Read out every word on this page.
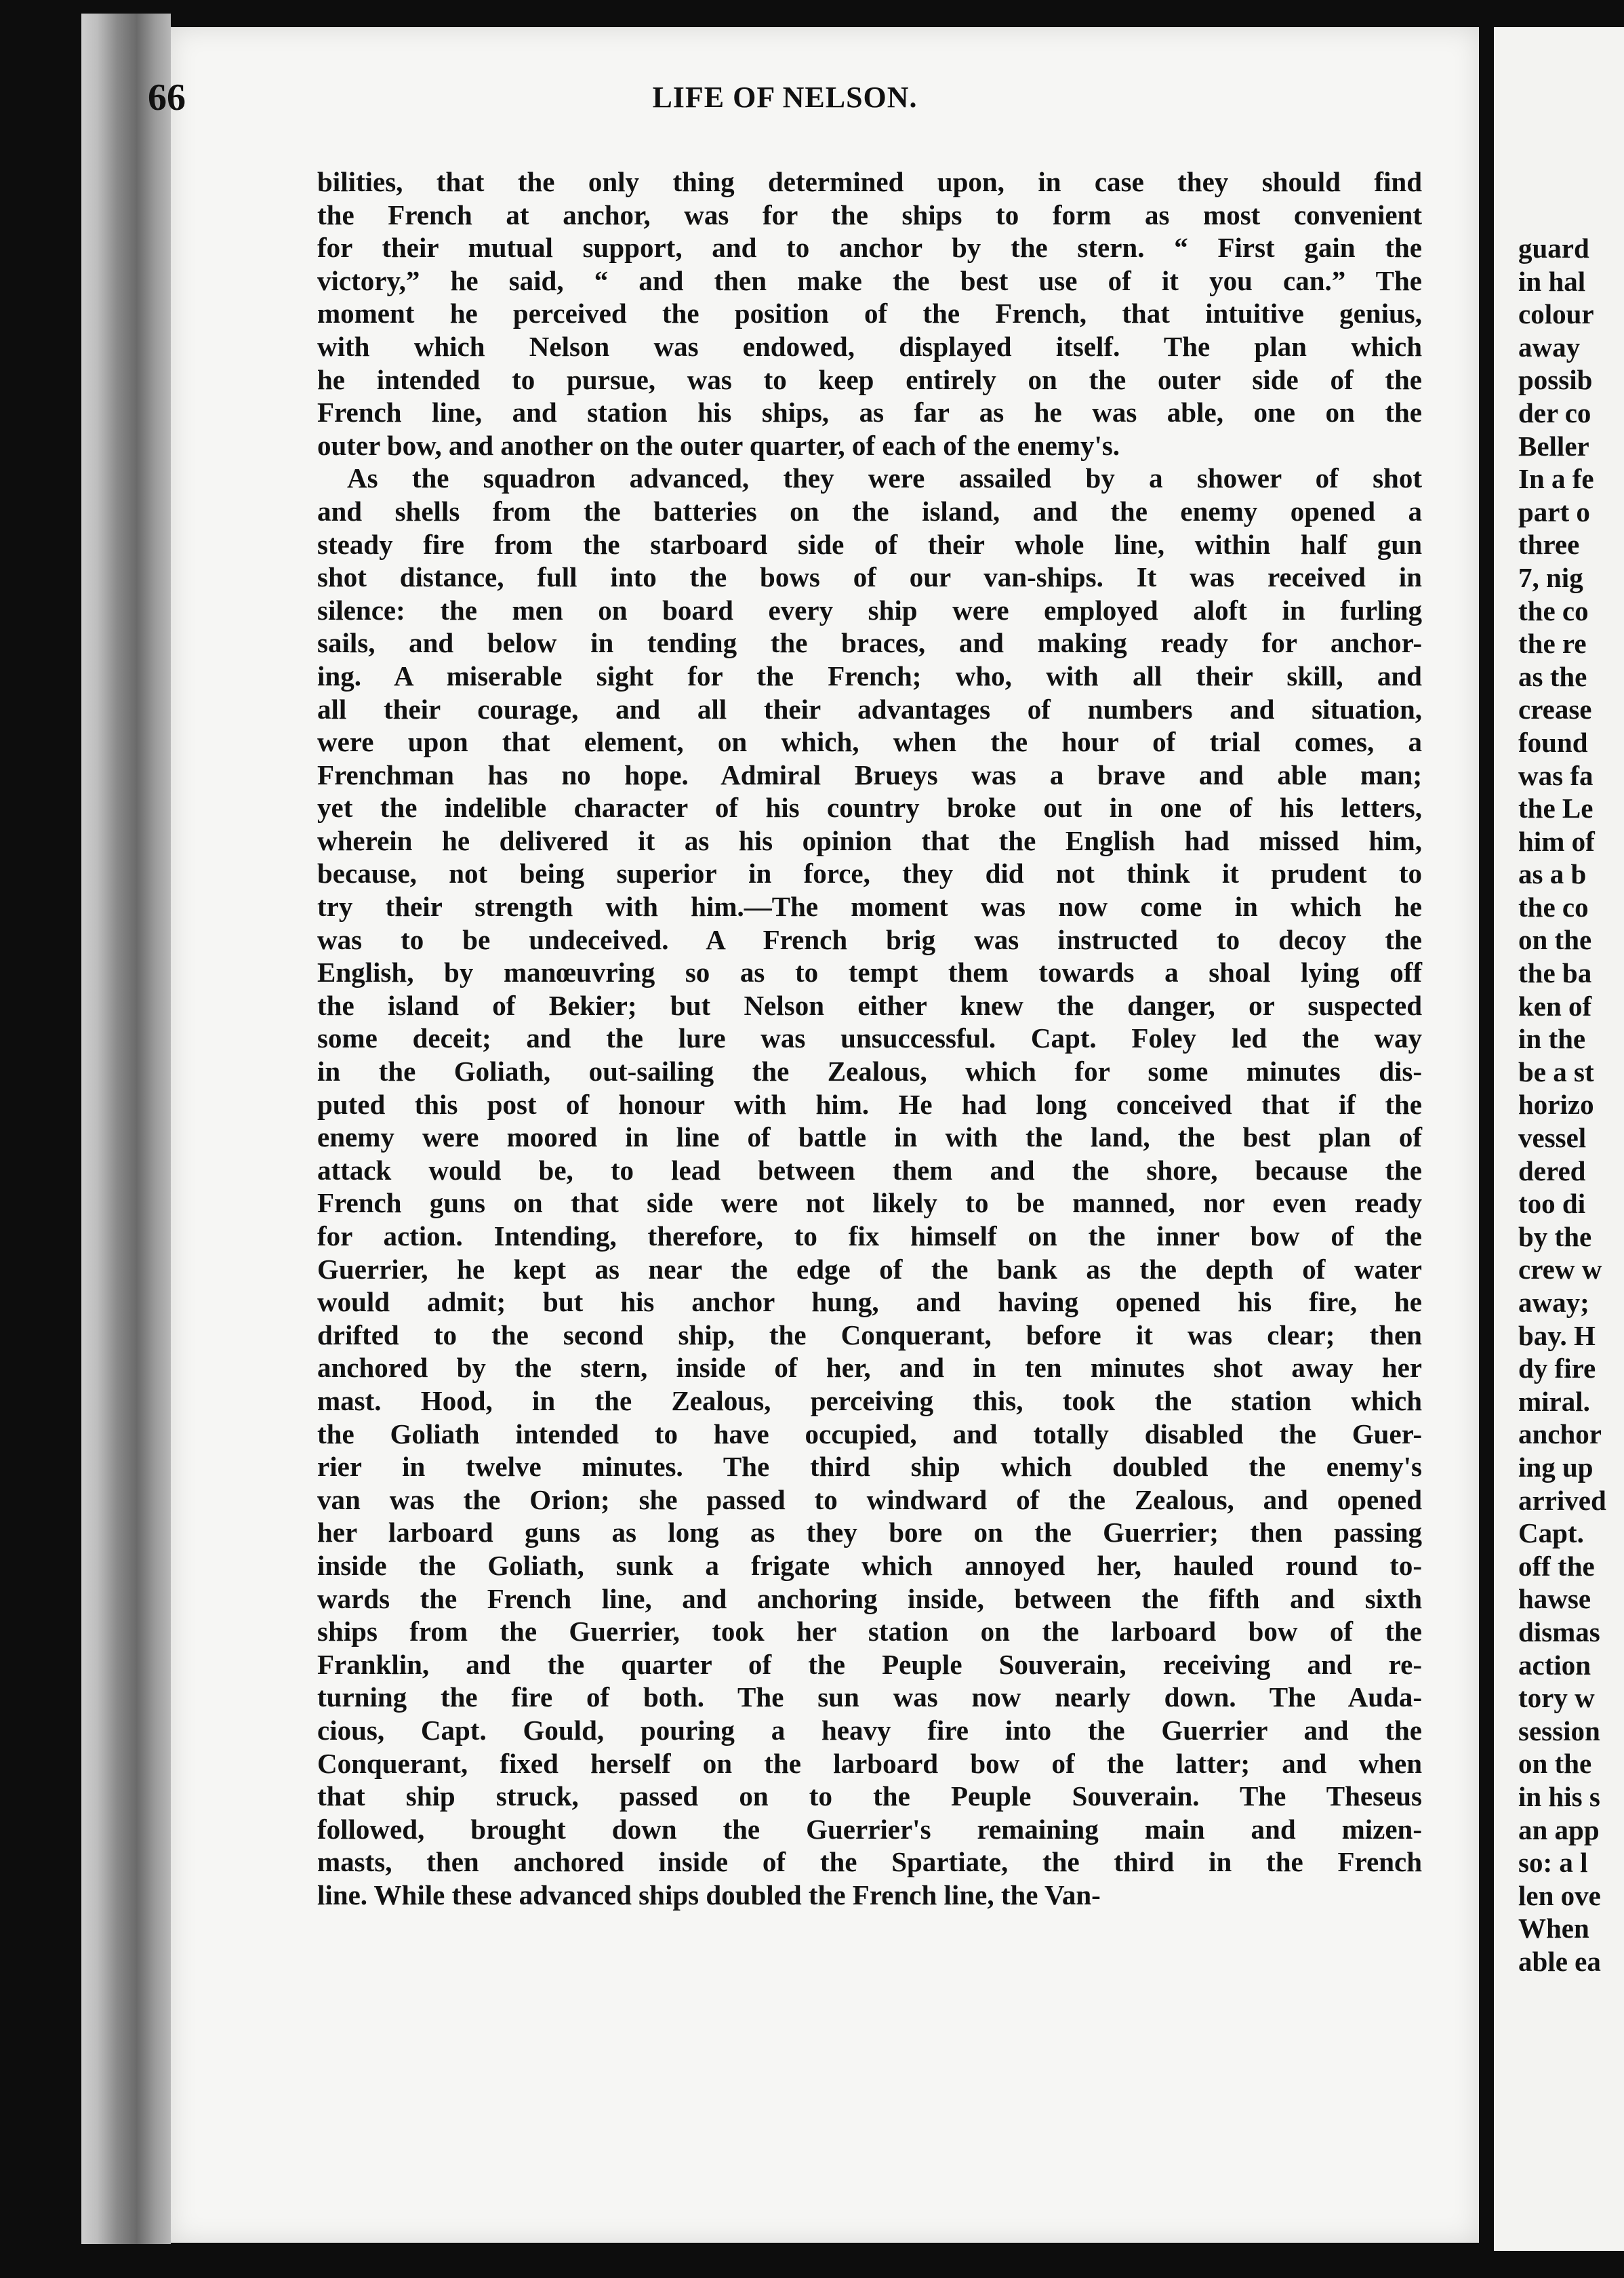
guard
in hal
colour
away
possib
der co
Beller
In a fe
part o
three
7, nig
the co
the re
as the
crease
found
was fa
the Le
him of
as a b
the co
on the
the ba
ken of
in the
be a st
horizo
vessel
dered
too di
by the
crew w
away;
bay. H
dy fire
miral.
anchor
ing up
arrived
Capt.
off the
hawse
dismas
action
tory w
session
on the
in his s
an app
so: a l
len ove
When
able ea
66	LIFE OF NELSON.
bilities, that the only thing determined upon, in case they should find
the French at anchor, was for the ships to form as most convenient
for their mutual support, and to anchor by the stern. “ First gain the
victory,” he said, “ and then make the best use of it you can.” The
moment he perceived the position of the French, that intuitive genius,
with which Nelson was endowed, displayed itself. The plan which
he intended to pursue, was to keep entirely on the outer side of the
French line, and station his ships, as far as he was able, one on the
outer bow, and another on the outer quarter, of each of the enemy's.
As the squadron advanced, they were assailed by a shower of shot
and shells from the batteries on the island, and the enemy opened a
steady fire from the starboard side of their whole line, within half gun
shot distance, full into the bows of our van-ships. It was received in
silence: the men on board every ship were employed aloft in furling
sails, and below in tending the braces, and making ready for anchor-
ing. A miserable sight for the French; who, with all their skill, and
all their courage, and all their advantages of numbers and situation,
were upon that element, on which, when the hour of trial comes, a
Frenchman has no hope. Admiral Brueys was a brave and able man;
yet the indelible character of his country broke out in one of his letters,
wherein he delivered it as his opinion that the English had missed him,
because, not being superior in force, they did not think it prudent to
try their strength with him.—The moment was now come in which he
was to be undeceived. A French brig was instructed to decoy the
English, by manœuvring so as to tempt them towards a shoal lying off
the island of Bekier; but Nelson either knew the danger, or suspected
some deceit; and the lure was unsuccessful. Capt. Foley led the way
in the Goliath, out-sailing the Zealous, which for some minutes dis-
puted this post of honour with him. He had long conceived that if the
enemy were moored in line of battle in with the land, the best plan of
attack would be, to lead between them and the shore, because the
French guns on that side were not likely to be manned, nor even ready
for action. Intending, therefore, to fix himself on the inner bow of the
Guerrier, he kept as near the edge of the bank as the depth of water
would admit; but his anchor hung, and having opened his fire, he
drifted to the second ship, the Conquerant, before it was clear; then
anchored by the stern, inside of her, and in ten minutes shot away her
mast. Hood, in the Zealous, perceiving this, took the station which
the Goliath intended to have occupied, and totally disabled the Guer-
rier in twelve minutes. The third ship which doubled the enemy's
van was the Orion; she passed to windward of the Zealous, and opened
her larboard guns as long as they bore on the Guerrier; then passing
inside the Goliath, sunk a frigate which annoyed her, hauled round to-
wards the French line, and anchoring inside, between the fifth and sixth
ships from the Guerrier, took her station on the larboard bow of the
Franklin, and the quarter of the Peuple Souverain, receiving and re-
turning the fire of both. The sun was now nearly down. The Auda-
cious, Capt. Gould, pouring a heavy fire into the Guerrier and the
Conquerant, fixed herself on the larboard bow of the latter; and when
that ship struck, passed on to the Peuple Souverain. The Theseus
followed, brought down the Guerrier's remaining main and mizen-
masts, then anchored inside of the Spartiate, the third in the French
line. While these advanced ships doubled the French line, the Van-
